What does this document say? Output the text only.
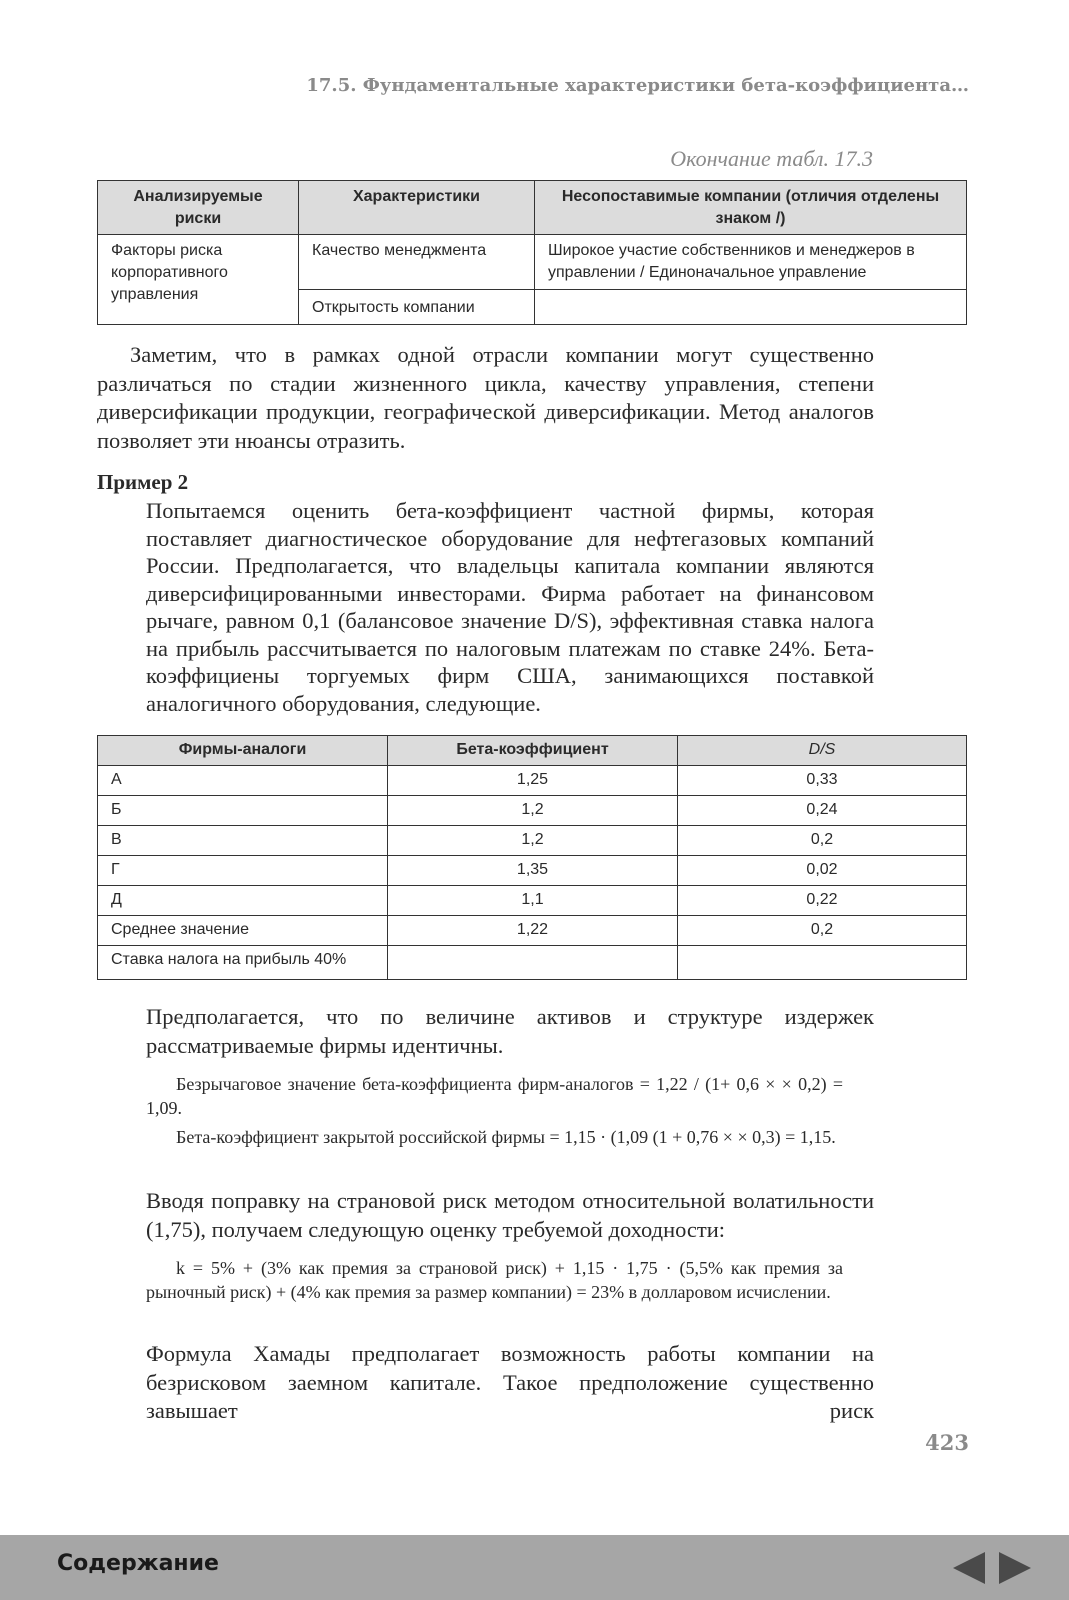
17.5. Фундаментальные характеристики бета-коэффициента…
Окончание табл. 17.3
Анализируемые риски	Характеристики	Несопоставимые компании (отличия отделены знаком /)
Факторы риска корпоративного управления	Качество менеджмента	Широкое участие собственников и менеджеров в управлении / Единоначальное управление
	Открытость компании	
Заметим, что в рамках одной отрасли компании могут существенно различаться по стадии жизненного цикла, качеству управления, степени диверсификации продукции, географической диверсификации. Метод аналогов позволяет эти нюансы отразить.
Пример 2
Попытаемся оценить бета-коэффициент частной фирмы, которая поставляет диагностическое оборудование для нефтегазовых компаний России. Предполагается, что владельцы капитала компании являются диверсифицированными инвесторами. Фирма работает на финансовом рычаге, равном 0,1 (балансовое значение D/S), эффективная ставка налога на прибыль рассчитывается по налоговым платежам по ставке 24%. Бета-коэффициены торгуемых фирм США, занимающихся поставкой аналогичного оборудования, следующие.
Фирмы-аналоги	Бета-коэффициент	D/S
А	1,25	0,33
Б	1,2	0,24
В	1,2	0,2
Г	1,35	0,02
Д	1,1	0,22
Среднее значение	1,22	0,2
Ставка налога на прибыль 40%		
Предполагается, что по величине активов и структуре издержек рассматриваемые фирмы идентичны.
Безрычаговое значение бета-коэффициента фирм-аналогов = 1,22 / (1+ 0,6 × × 0,2) = 1,09.
Бета-коэффициент закрытой российской фирмы = 1,15 · (1,09 (1 + 0,76 × × 0,3) = 1,15.
Вводя поправку на страновой риск методом относительной волатильности (1,75), получаем следующую оценку требуемой доходности:
k = 5% + (3% как премия за страновой риск) + 1,15 · 1,75 · (5,5% как премия за рыночный риск) + (4% как премия за размер компании) = 23% в долларовом исчислении.
Формула Хамады предполагает возможность работы компании на безрисковом заемном капитале. Такое предположение существенно завышает риск
423
Содержание
